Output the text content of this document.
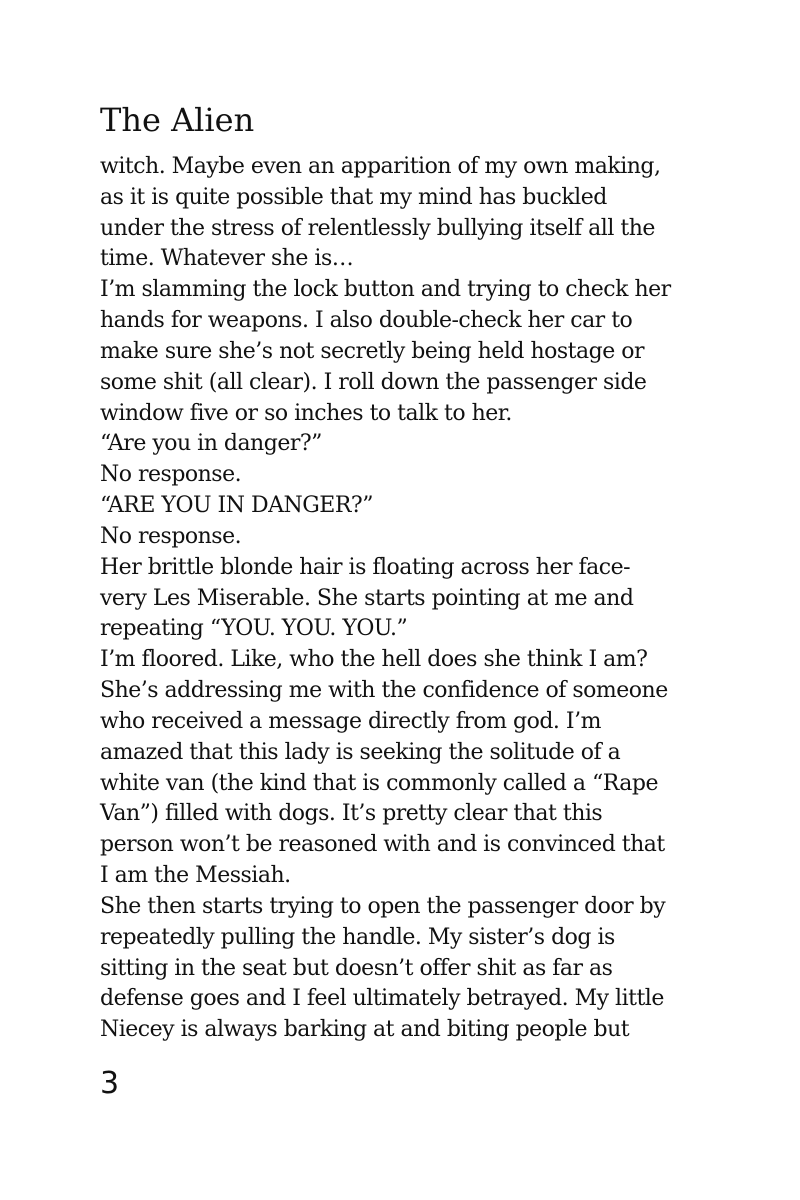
The Alien
witch. Maybe even an apparition of my own making,
as it is quite possible that my mind has buckled
under the stress of relentlessly bullying itself all the
time. Whatever she is…
I’m slamming the lock button and trying to check her
hands for weapons. I also double-check her car to
make sure she’s not secretly being held hostage or
some shit (all clear). I roll down the passenger side
window five or so inches to talk to her.
“Are you in danger?”
No response.
“ARE YOU IN DANGER?”
No response.
Her brittle blonde hair is floating across her face-
very Les Miserable. She starts pointing at me and
repeating “YOU. YOU. YOU.”
I’m floored. Like, who the hell does she think I am?
She’s addressing me with the confidence of someone
who received a message directly from god. I’m
amazed that this lady is seeking the solitude of a
white van (the kind that is commonly called a “Rape
Van”) filled with dogs. It’s pretty clear that this
person won’t be reasoned with and is convinced that
I am the Messiah.
She then starts trying to open the passenger door by
repeatedly pulling the handle. My sister’s dog is
sitting in the seat but doesn’t offer shit as far as
defense goes and I feel ultimately betrayed. My little
Niecey is always barking at and biting people but
3
